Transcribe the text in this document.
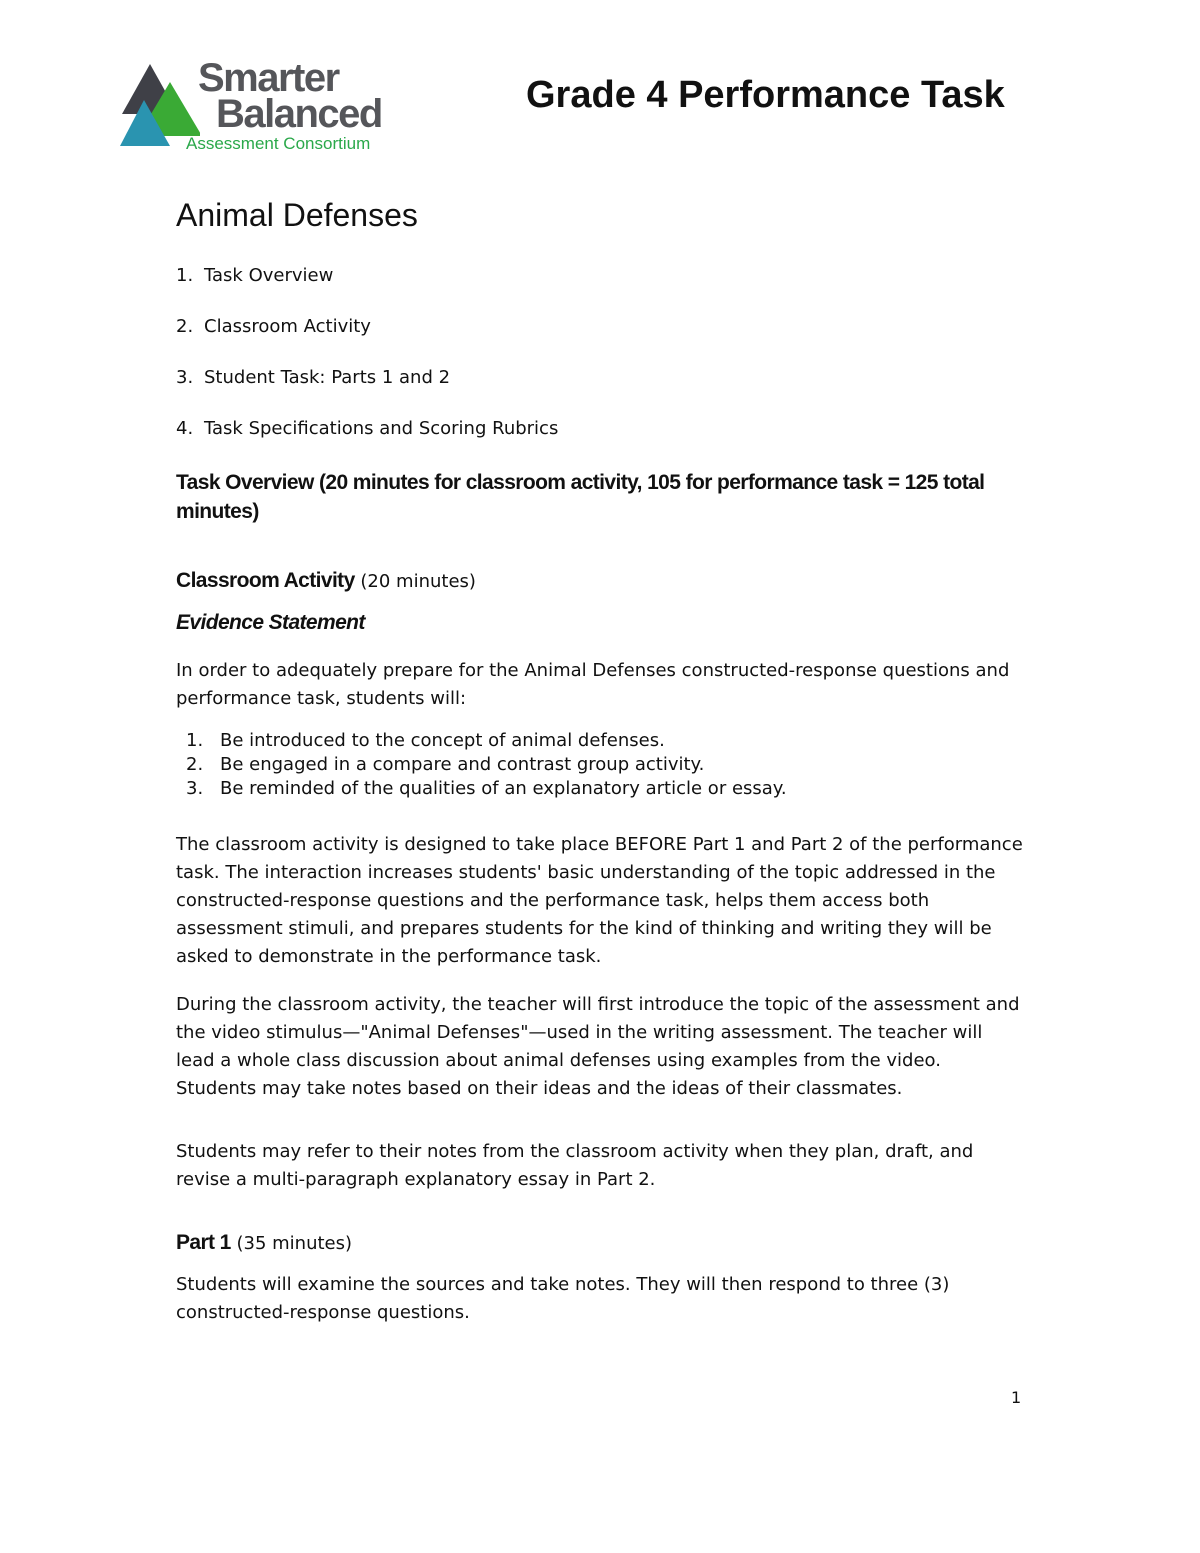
Smarter
Balanced
Assessment Consortium
Grade 4 Performance Task
Animal Defenses
1. Task Overview
2. Classroom Activity
3. Student Task: Parts 1 and 2
4. Task Specifications and Scoring Rubrics
Task Overview (20 minutes for classroom activity, 105 for performance task = 125 total minutes)
Classroom Activity (20 minutes)
Evidence Statement

In order to adequately prepare for the Animal Defenses constructed-response questions and performance task, students will:

1. Be introduced to the concept of animal defenses.
2. Be engaged in a compare and contrast group activity.
3. Be reminded of the qualities of an explanatory article or essay.

The classroom activity is designed to take place BEFORE Part 1 and Part 2 of the performance task. The interaction increases students' basic understanding of the topic addressed in the constructed-response questions and the performance task, helps them access both assessment stimuli, and prepares students for the kind of thinking and writing they will be asked to demonstrate in the performance task.

During the classroom activity, the teacher will first introduce the topic of the assessment and the video stimulus—"Animal Defenses"—used in the writing assessment. The teacher will lead a whole class discussion about animal defenses using examples from the video. Students may take notes based on their ideas and the ideas of their classmates.

Students may refer to their notes from the classroom activity when they plan, draft, and revise a multi-paragraph explanatory essay in Part 2.

Part 1 (35 minutes)

Students will examine the sources and take notes. They will then respond to three (3) constructed-response questions.

1
